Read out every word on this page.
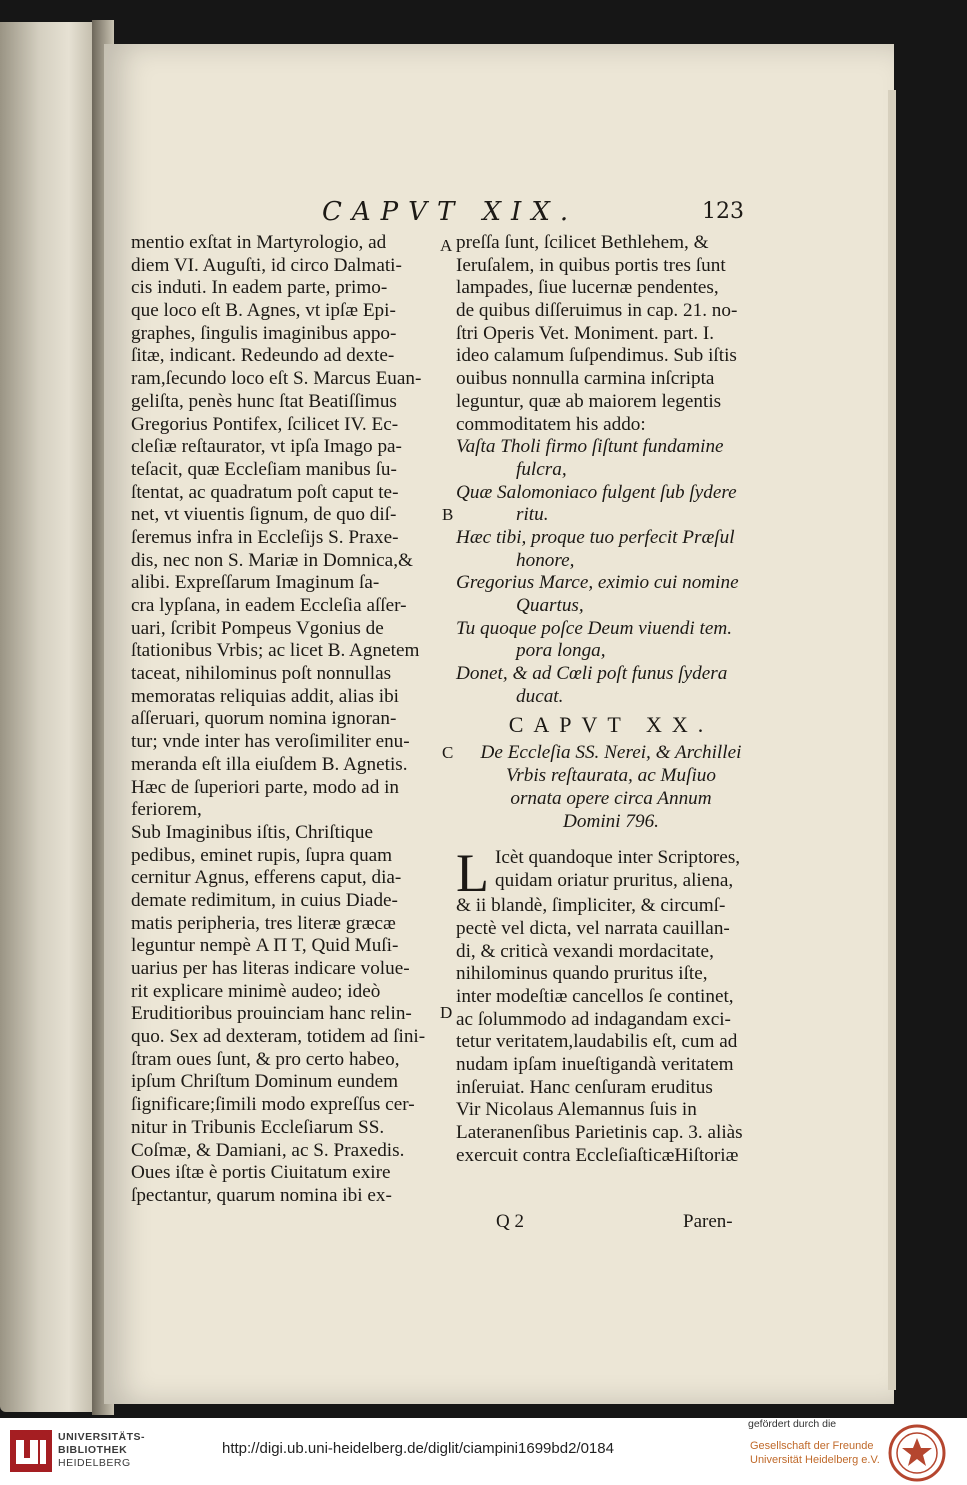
CAPVT XIX.	123
mentio exſtat in Martyrologio, ad
diem VI. Auguſti, id circo Dalmati-
cis induti. In eadem parte, primo-
que loco eſt B. Agnes, vt ipſæ Epi-
graphes, ſingulis imaginibus appo-
ſitæ, indicant. Redeundo ad dexte-
ram,ſecundo loco eſt S. Marcus Euan-
geliſta, penès hunc ſtat Beatiſſimus
Gregorius Pontifex, ſcilicet IV. Ec-
cleſiæ reſtaurator, vt ipſa Imago pa-
teſacit, quæ Eccleſiam manibus ſu-
ſtentat, ac quadratum poſt caput te-
net, vt viuentis ſignum, de quo diſ-
ſeremus infra in Eccleſijs S. Praxe-
dis, nec non S. Mariæ in Domnica,&
alibi. Expreſſarum Imaginum ſa-
cra lypſana, in eadem Eccleſia aſſer-
uari, ſcribit Pompeus Vgonius de
ſtationibus Vrbis; ac licet B. Agnetem
taceat, nihilominus poſt nonnullas
memoratas reliquias addit, alias ibi
aſſeruari, quorum nomina ignoran-
tur; vnde inter has veroſimiliter enu-
meranda eſt illa eiuſdem B. Agnetis.
Hæc de ſuperiori parte, modo ad in
feriorem,
Sub Imaginibus iſtis, Chriſtique
pedibus, eminet rupis, ſupra quam
cernitur Agnus, efferens caput, dia-
demate redimitum, in cuius Diade-
matis peripheria, tres literæ græcæ
leguntur nempè Α Π Τ, Quid Muſi-
uarius per has literas indicare volue-
rit explicare minimè audeo; ideò
Eruditioribus prouinciam hanc relin-
quo. Sex ad dexteram, totidem ad ſini-
ſtram oues ſunt, & pro certo habeo,
ipſum Chriſtum Dominum eundem
ſignificare;ſimili modo expreſſus cer-
nitur in Tribunis Eccleſiarum SS.
Coſmæ, & Damiani, ac S. Praxedis.
Oues iſtæ è portis Ciuitatum exire
ſpectantur, quarum nomina ibi ex-
preſſa ſunt, ſcilicet Bethlehem, &
Ieruſalem, in quibus portis tres ſunt
lampades, ſiue lucernæ pendentes,
de quibus diſſeruimus in cap. 21. no-
ſtri Operis Vet. Moniment. part. I.
ideo calamum ſuſpendimus. Sub iſtis
ouibus nonnulla carmina inſcripta
leguntur, quæ ab maiorem legentis
commoditatem his addo:
Vaſta Tholi firmo ſiſtunt fundamine
fulcra,
Quæ Salomoniaco fulgent ſub ſydere
ritu.
Hæc tibi, proque tuo perfecit Præſul
honore,
Gregorius Marce, eximio cui nomine
Quartus,
Tu quoque poſce Deum viuendi tem.
pora longa,
Donet, & ad Cœli poſt funus ſydera
ducat.
CAPVT XX.
De Eccleſia SS. Nerei, & Archillei
Vrbis reſtaurata, ac Muſiuo
ornata opere circa Annum
Domini 796.
L Icèt quandoque inter Scriptores,
quidam oriatur pruritus, aliena,
& ii blandè, ſimpliciter, & circumſ-
pectè vel dicta, vel narrata cauillan-
di, & criticà vexandi mordacitate,
nihilominus quando pruritus iſte,
inter modeſtiæ cancellos ſe continet,
ac ſolummodo ad indagandam exci-
tetur veritatem,laudabilis eſt, cum ad
nudam ipſam inueſtigandà veritatem
inſeruiat. Hanc cenſuram eruditus
Vir Nicolaus Alemannus ſuis in
Lateranenſibus Parietinis cap. 3. aliàs
exercuit contra EccleſiaſticæHiſtoriæ
A
B
C
D
Q 2	Paren-
UNIVERSITÄTS-
BIBLIOTHEK
HEIDELBERG
http://digi.ub.uni-heidelberg.de/diglit/ciampini1699bd2/0184
gefördert durch die
Gesellschaft der Freunde
Universität Heidelberg e.V.
